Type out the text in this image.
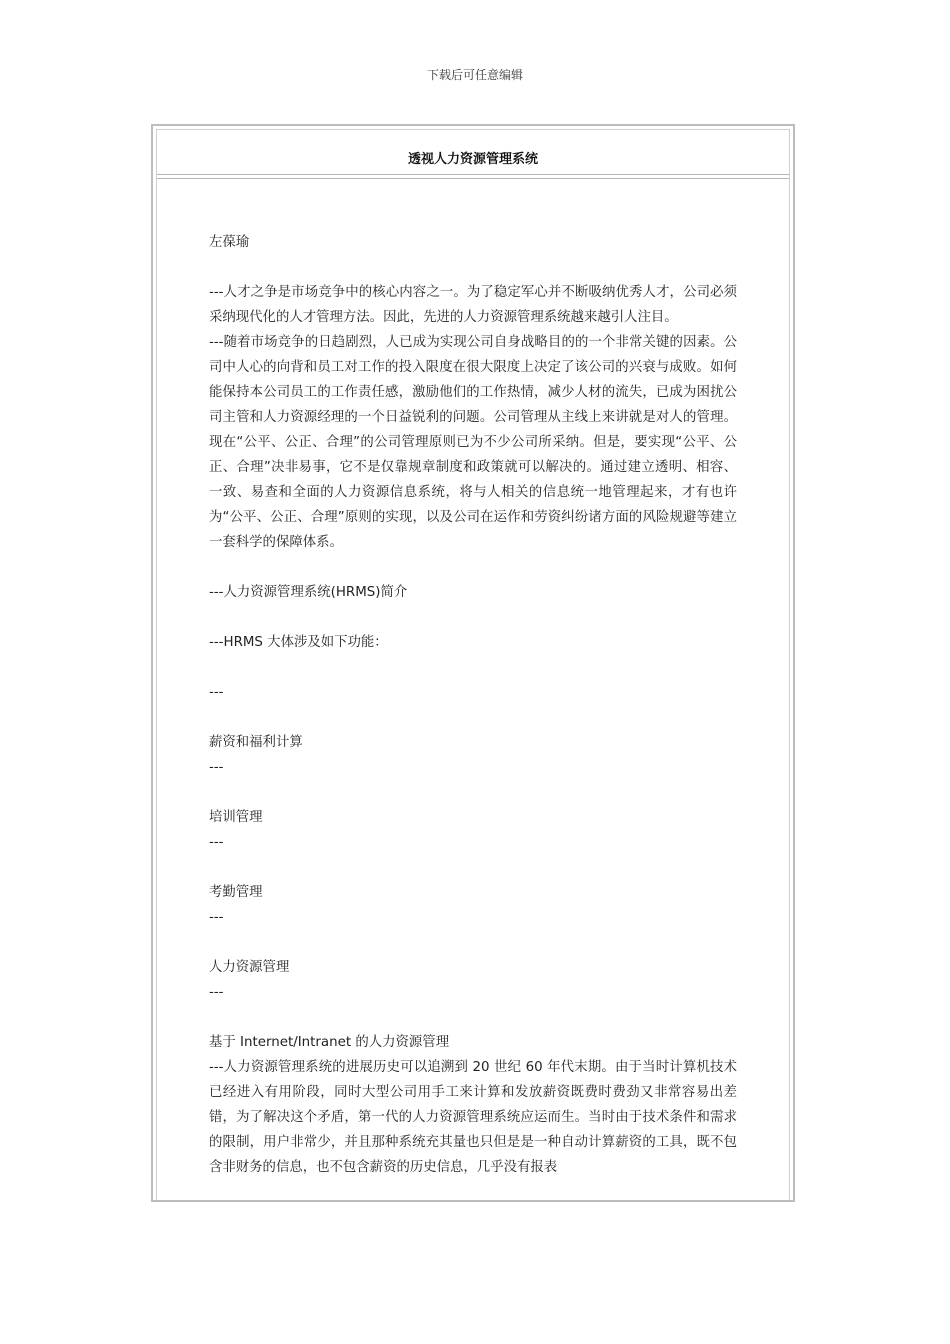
下载后可任意编辑
透视人力资源管理系统

左葆瑜

---人才之争是市场竞争中的核心内容之一。为了稳定军心并不断吸纳优秀人才，公司必须采纳现代化的人才管理方法。因此，先进的人力资源管理系统越来越引人注目。

---随着市场竞争的日趋剧烈，人已成为实现公司自身战略目的的一个非常关键的因素。公司中人心的向背和员工对工作的投入限度在很大限度上决定了该公司的兴衰与成败。如何能保持本公司员工的工作责任感，激励他们的工作热情，减少人材的流失，已成为困扰公司主管和人力资源经理的一个日益锐利的问题。公司管理从主线上来讲就是对人的管理。现在“公平、公正、合理”的公司管理原则已为不少公司所采纳。但是，要实现“公平、公正、合理”决非易事，它不是仅靠规章制度和政策就可以解决的。通过建立透明、相容、一致、易查和全面的人力资源信息系统，将与人相关的信息统一地管理起来，才有也许为“公平、公正、合理”原则的实现，以及公司在运作和劳资纠纷诸方面的风险规避等建立一套科学的保障体系。

---人力资源管理系统(HRMS)简介

---HRMS 大体涉及如下功能：

---

薪资和福利计算

---

培训管理

---

考勤管理

---

人力资源管理

---

基于 Internet/Intranet 的人力资源管理

---人力资源管理系统的进展历史可以追溯到 20 世纪 60 年代末期。由于当时计算机技术已经进入有用阶段，同时大型公司用手工来计算和发放薪资既费时费劲又非常容易出差错，为了解决这个矛盾，第一代的人力资源管理系统应运而生。当时由于技术条件和需求的限制，用户非常少，并且那种系统充其量也只但是是一种自动计算薪资的工具，既不包含非财务的信息，也不包含薪资的历史信息，几乎没有报表
